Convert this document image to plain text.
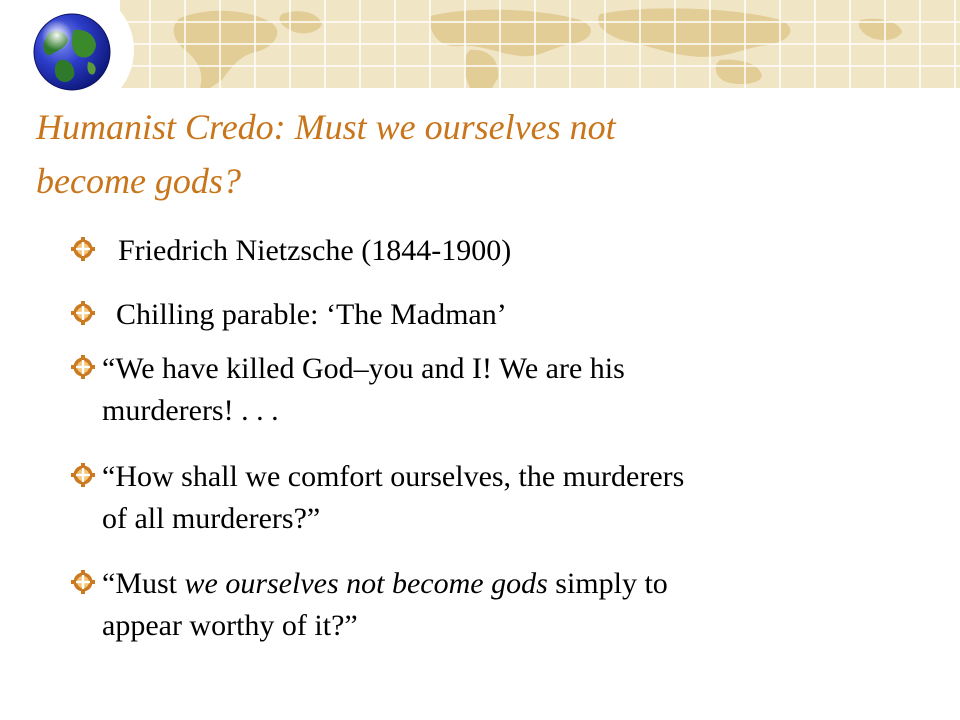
Humanist Credo: Must we ourselves not
become gods?
Friedrich Nietzsche (1844-1900)
Chilling parable: ‘The Madman’
“We have killed God–you and I! We are his
murderers! . . .
“How shall we comfort ourselves, the murderers
of all murderers?”
“Must we ourselves not become gods simply to
appear worthy of it?”
